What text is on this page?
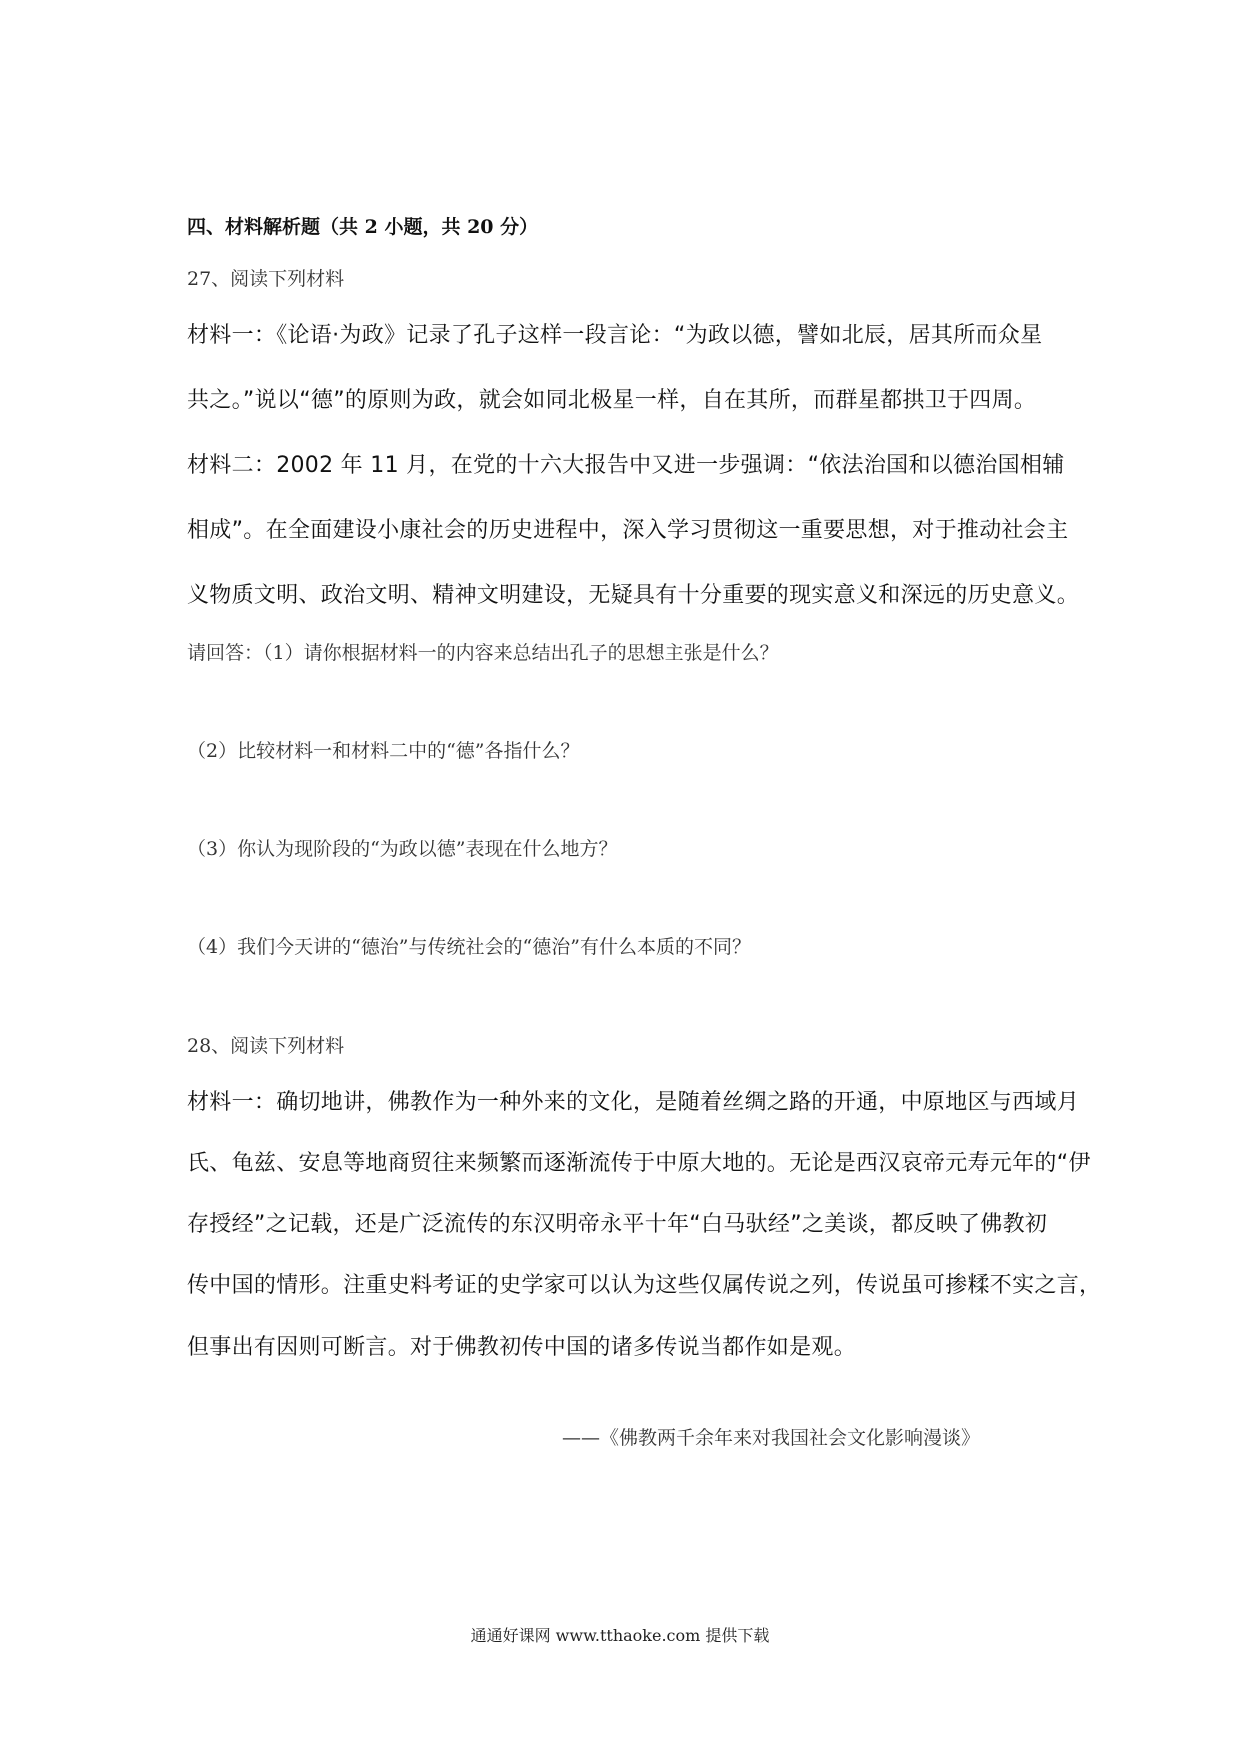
四、材料解析题（共 2 小题，共 20 分）

27、阅读下列材料

材料一：《论语·为政》记录了孔子这样一段言论：“为政以德，譬如北辰，居其所而众星

共之。”说以“德”的原则为政，就会如同北极星一样，自在其所，而群星都拱卫于四周。

材料二：2002 年 11 月，在党的十六大报告中又进一步强调：“依法治国和以德治国相辅

相成”。在全面建设小康社会的历史进程中，深入学习贯彻这一重要思想，对于推动社会主

义物质文明、政治文明、精神文明建设，无疑具有十分重要的现实意义和深远的历史意义。

请回答：（1）请你根据材料一的内容来总结出孔子的思想主张是什么？

（2）比较材料一和材料二中的“德”各指什么？

（3）你认为现阶段的“为政以德”表现在什么地方？

（4）我们今天讲的“德治”与传统社会的“德治”有什么本质的不同？

28、阅读下列材料

材料一：确切地讲，佛教作为一种外来的文化，是随着丝绸之路的开通，中原地区与西域月

氏、龟兹、安息等地商贸往来频繁而逐渐流传于中原大地的。无论是西汉哀帝元寿元年的“伊

存授经”之记载，还是广泛流传的东汉明帝永平十年“白马驮经”之美谈，都反映了佛教初

传中国的情形。注重史料考证的史学家可以认为这些仅属传说之列，传说虽可掺糅不实之言，

但事出有因则可断言。对于佛教初传中国的诸多传说当都作如是观。

——《佛教两千余年来对我国社会文化影响漫谈》

通通好课网 www.tthaoke.com 提供下载
